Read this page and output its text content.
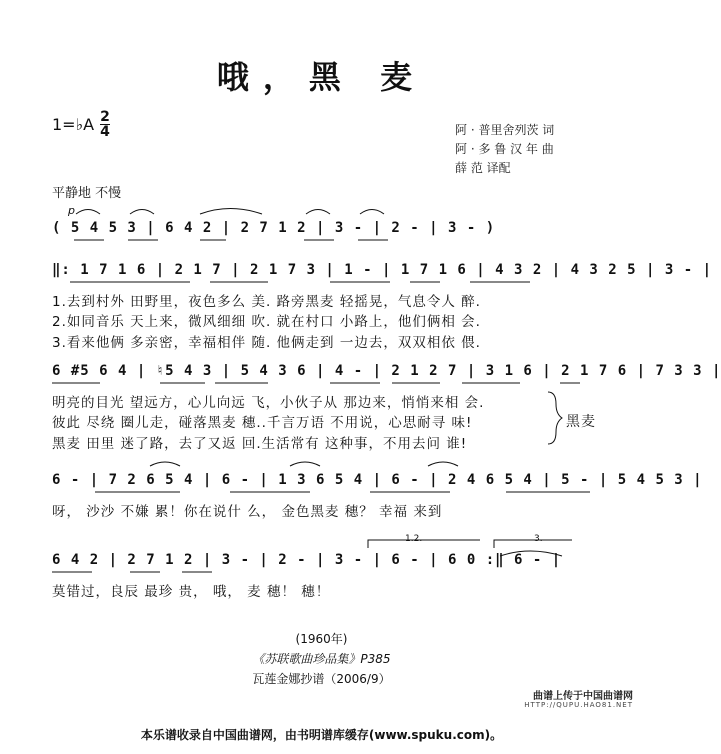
哦，黑 麦
1=♭A 2
4	阿 · 普里舍列茨 词
阿 · 多 鲁 汉 年 曲
薛 范 译配
平静地 不慢
p
( 5 4 5 3 | 6 4 2 | 2 7 1 2 | 3 - | 2 - | 3 - )
‖: 1 7 1 6 | 2 1 7 | 2 1 7 3 | 1 - | 1 7 1 6 | 4 3 2 | 4 3 2 5 | 3 - |
1.去到村外 田野里，夜色多么 美. 路旁黑麦 轻摇晃，气息令人 醉.
2.如同音乐 天上来，微风细细 吹. 就在村口 小路上，他们俩相 会.
3.看来他俩 多亲密，幸福相伴 随. 他俩走到 一边去，双双相依 偎.
6 #5 6 4 | ♮5 4 3 | 5 4 3 6 | 4 - | 2 1 2 7 | 3 1 6 | 2 1 7 6 | 7 3 3 |
明亮的目光 望远方，心儿向远 飞，小伙子从 那边来，悄悄来相 会.
彼此 尽绕 圈儿走，碰落黑麦 穗..千言万语 不用说，心思耐寻 味!
黑麦 田里 迷了路，去了又返 回.生活常有 这种事，不用去问 谁!
黑麦
6 - | 7 2 6 5 4 | 6 - | 1 3 6 5 4 | 6 - | 2 4 6 5 4 | 5 - | 5 4 5 3 |
呀， 沙沙 不嫌 累！你在说什 么， 金色黑麦 穗？ 幸福 来到
6 4 2 | 2 7 1 2 | 3 - | 2 - | 3 - | 6 - | 6 0 :‖ 6 - |
莫错过，良辰 最珍 贵， 哦， 麦 穗！ 穗！
1.2.	3.
(1960年)
《苏联歌曲珍品集》P385
瓦莲金娜抄谱（2006/9）
曲谱上传于中国曲谱网
HTTP://QUPU.HAO81.NET
本乐谱收录自中国曲谱网，由书明谱库缓存(www.spuku.com)。
